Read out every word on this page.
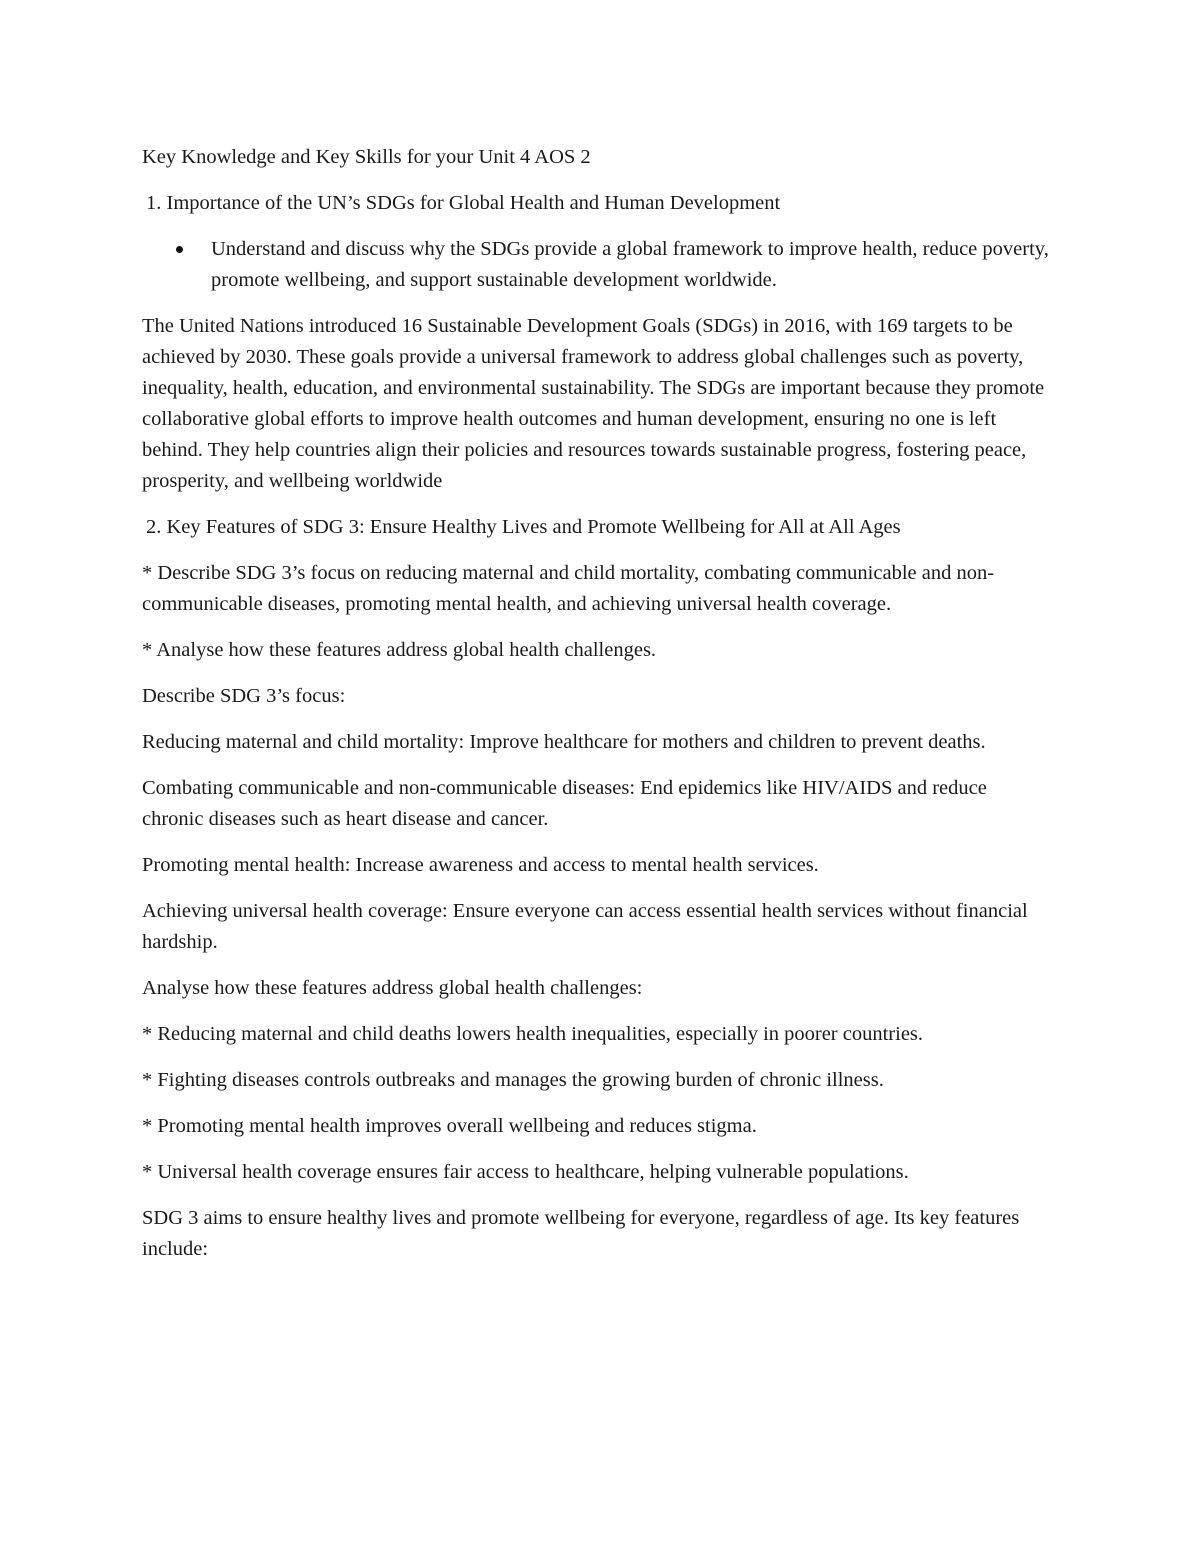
Key Knowledge and Key Skills for your Unit 4 AOS 2

1. Importance of the UN’s SDGs for Global Health and Human Development

Understand and discuss why the SDGs provide a global framework to improve health, reduce poverty, promote wellbeing, and support sustainable development worldwide.

The United Nations introduced 16 Sustainable Development Goals (SDGs) in 2016, with 169 targets to be achieved by 2030. These goals provide a universal framework to address global challenges such as poverty, inequality, health, education, and environmental sustainability. The SDGs are important because they promote collaborative global efforts to improve health outcomes and human development, ensuring no one is left behind. They help countries align their policies and resources towards sustainable progress, fostering peace, prosperity, and wellbeing worldwide

2. Key Features of SDG 3: Ensure Healthy Lives and Promote Wellbeing for All at All Ages

* Describe SDG 3’s focus on reducing maternal and child mortality, combating communicable and non-communicable diseases, promoting mental health, and achieving universal health coverage.

* Analyse how these features address global health challenges.

Describe SDG 3’s focus:

Reducing maternal and child mortality: Improve healthcare for mothers and children to prevent deaths.

Combating communicable and non-communicable diseases: End epidemics like HIV/AIDS and reduce chronic diseases such as heart disease and cancer.

Promoting mental health: Increase awareness and access to mental health services.

Achieving universal health coverage: Ensure everyone can access essential health services without financial hardship.

Analyse how these features address global health challenges:

* Reducing maternal and child deaths lowers health inequalities, especially in poorer countries.

* Fighting diseases controls outbreaks and manages the growing burden of chronic illness.

* Promoting mental health improves overall wellbeing and reduces stigma.

* Universal health coverage ensures fair access to healthcare, helping vulnerable populations.

SDG 3 aims to ensure healthy lives and promote wellbeing for everyone, regardless of age. Its key features include:
